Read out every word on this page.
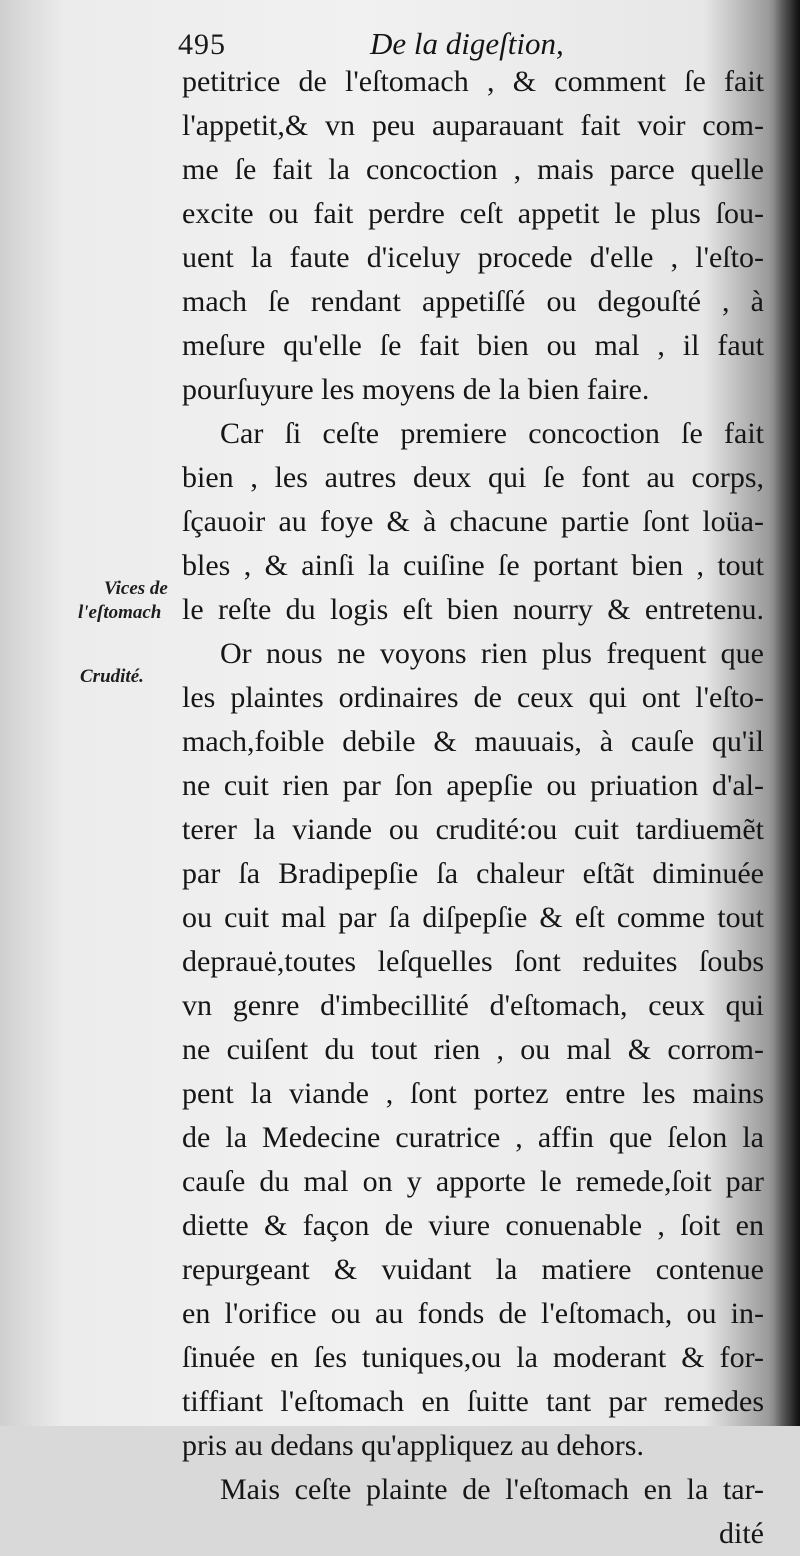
495	De la digeſtion,
Vices de
l'eſtomach
Crudité.
petitrice de l'eſtomach , & comment ſe fait
l'appetit,& vn peu auparauant fait voir com-
me ſe fait la concoction , mais parce quelle
excite ou fait perdre ceſt appetit le plus ſou-
uent la faute d'iceluy procede d'elle , l'eſto-
mach ſe rendant appetiſſé ou degouſté , à
meſure qu'elle ſe fait bien ou mal , il faut
pourſuyure les moyens de la bien faire.
Car ſi ceſte premiere concoction ſe fait
bien , les autres deux qui ſe font au corps,
ſçauoir au foye & à chacune partie ſont loüa-
bles , & ainſi la cuiſine ſe portant bien , tout
le reſte du logis eſt bien nourry & entretenu.
Or nous ne voyons rien plus frequent que
les plaintes ordinaires de ceux qui ont l'eſto-
mach,foible debile & mauuais, à cauſe qu'il
ne cuit rien par ſon apepſie ou priuation d'al-
terer la viande ou crudité:ou cuit tardiuemẽt
par ſa Bradipepſie ſa chaleur eſtãt diminuée
ou cuit mal par ſa diſpepſie & eſt comme tout
deprauė,toutes leſquelles ſont reduites ſoubs
vn genre d'imbecillité d'eſtomach, ceux qui
ne cuiſent du tout rien , ou mal & corrom-
pent la viande , ſont portez entre les mains
de la Medecine curatrice , affin que ſelon la
cauſe du mal on y apporte le remede,ſoit par
diette & façon de viure conuenable , ſoit en
repurgeant & vuidant la matiere contenue
en l'orifice ou au fonds de l'eſtomach, ou in-
ſinuée en ſes tuniques,ou la moderant & for-
tiffiant l'eſtomach en ſuitte tant par remedes
pris au dedans qu'appliquez au dehors.
Mais ceſte plainte de l'eſtomach en la tar-
dité
